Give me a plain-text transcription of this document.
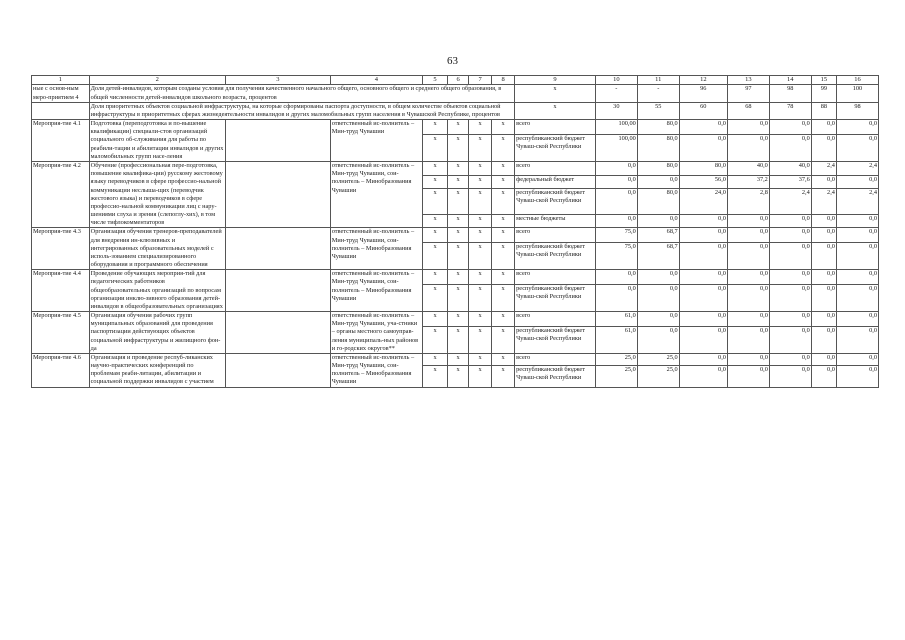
63
1	2	3	4	5	6	7	8	9	10	11	12	13	14	15	16
ные с основ-ным меро-приятием 4	Доля детей-инвалидов, которым созданы условия для получения качественного начального общего, основного общего и среднего общего образования, в общей численности детей-инвалидов школьного возраста, процентов							x	-	-	96	97	98	99	100
	Доля приоритетных объектов социальной инфраструктуры, на которые сформированы паспорта доступности, в общем количестве объектов социальной инфраструктуры в приоритетных сферах жизнедеятельности инвалидов и других маломобильных групп населения в Чувашской Республике, процентов							x	30	55	60	68	78	88	98
Мероприя-тие 4.1	Подготовка (переподготовка и по-вышение квалификации) специали-стов организаций социального об-служивания для работы по реабили-тации и абилитации инвалидов и других маломобильных групп насе-ления		ответственный ис-полнитель – Мин-труд Чувашии	x	x	x	x	всего	100,00	80,0	0,0	0,0	0,0	0,0	0,0
				x	x	x	x	республиканский бюджет Чуваш-ской Республики	100,00	80,0	0,0	0,0	0,0	0,0	0,0
Мероприя-тие 4.2	Обучение (профессиональная пере-подготовка, повышение квалифика-ции) русскому жестовому языку переводчиков в сфере профессио-нальной коммуникации неслыша-щих (переводчик жестового языка) и переводчиков в сфере профессио-нальной коммуникации лиц с нару-шениями слуха и зрения (слепоглу-хих), в том числе тифлокомментаторов		ответственный ис-полнитель – Мин-труд Чувашии, сои-полнитель – Минобразования Чувашии	x	x	x	x	всего	0,0	80,0	80,0	40,0	40,0	2,4	2,4
				x	x	x	x	федеральный бюджет	0,0	0,0	56,0	37,2	37,6	0,0	0,0
				x	x	x	x	республиканский бюджет Чуваш-ской Республики	0,0	80,0	24,0	2,8	2,4	2,4	2,4
				x	x	x	x	местные бюджеты	0,0	0,0	0,0	0,0	0,0	0,0	0,0
Мероприя-тие 4.3	Организация обучения тренеров-преподавателей для внедрения ин-клюзивных и интегрированных образовательных моделей с исполь-зованием специализированного оборудования и программного обеспечения		ответственный ис-полнитель – Мин-труд Чувашии, сои-полнитель – Минобразования Чувашии	x	x	x	x	всего	75,0	68,7	0,0	0,0	0,0	0,0	0,0
				x	x	x	x	республиканский бюджет Чуваш-ской Республики	75,0	68,7	0,0	0,0	0,0	0,0	0,0
Мероприя-тие 4.4	Проведение обучающих мероприя-тий для педагогических работников общеобразовательных организаций по вопросам организации инклю-зивного образования детей-инвалидов в общеобразовательных организациях		ответственный ис-полнитель – Мин-труд Чувашии, сои-полнитель – Минобразования Чувашии	x	x	x	x	всего	0,0	0,0	0,0	0,0	0,0	0,0	0,0
				x	x	x	x	республиканский бюджет Чуваш-ской Республики	0,0	0,0	0,0	0,0	0,0	0,0	0,0
Мероприя-тие 4.5	Организация обучения рабочих групп муниципальных образований для проведения паспортизации действующих объектов социальной инфраструктуры и жилищного фон-да		ответственный ис-полнитель – Мин-труд Чувашии, уча-стники – органы местного самоуправ-ления муниципаль-ных районов и го-родских округов**	x	x	x	x	всего	61,0	0,0	0,0	0,0	0,0	0,0	0,0
				x	x	x	x	республиканский бюджет Чуваш-ской Республики	61,0	0,0	0,0	0,0	0,0	0,0	0,0
Мероприя-тие 4.6	Организация и проведение респуб-ликанских научно-практических конференций по проблемам реаби-литации, абилитации и социальной поддержки инвалидов с участием		ответственный ис-полнитель – Мин-труд Чувашии, сои-полнитель – Минобразования Чувашии	x	x	x	x	всего	25,0	25,0	0,0	0,0	0,0	0,0	0,0
				x	x	x	x	республиканский бюджет Чуваш-ской Республики	25,0	25,0	0,0	0,0	0,0	0,0	0,0
